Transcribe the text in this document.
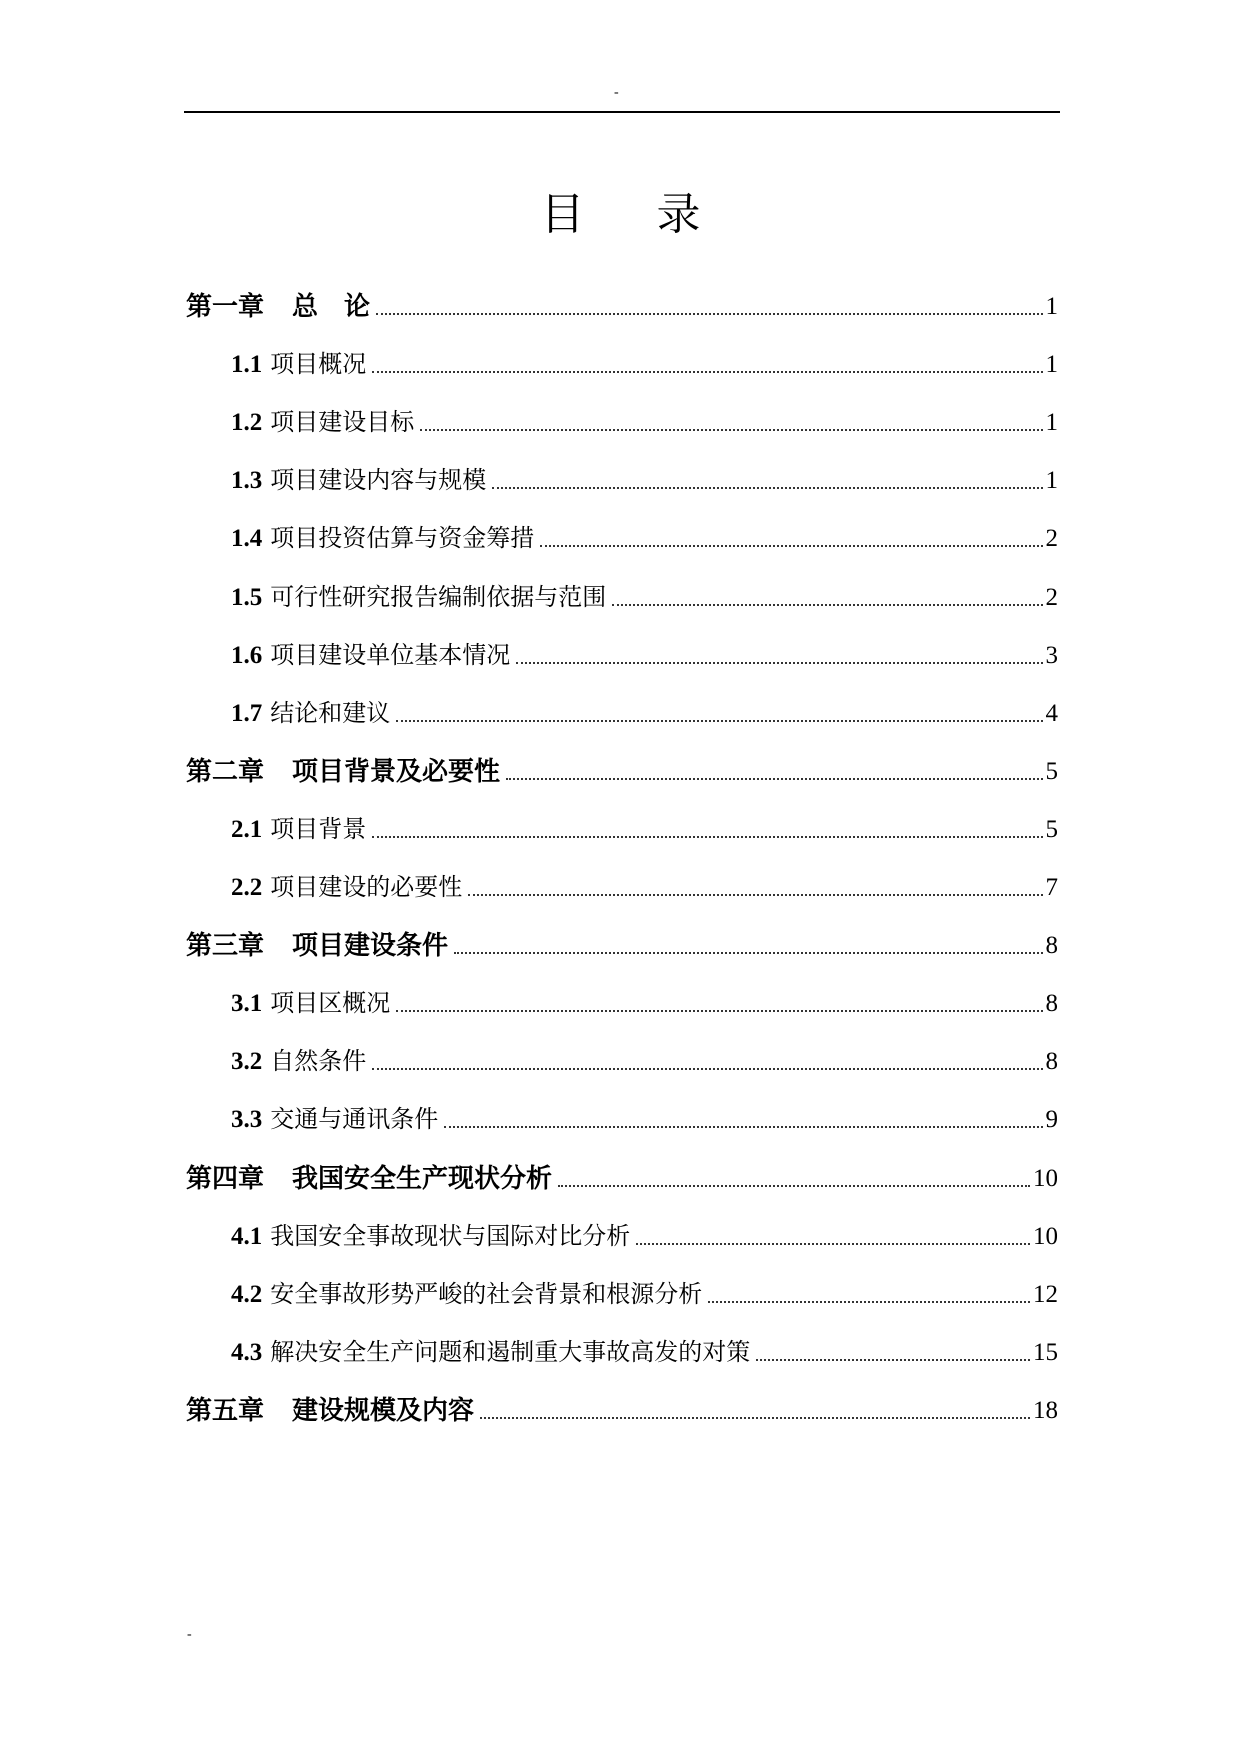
-
目录
第一章 总　论	1
1.1 项目概况	1
1.2 项目建设目标	1
1.3 项目建设内容与规模	1
1.4 项目投资估算与资金筹措	2
1.5 可行性研究报告编制依据与范围	2
1.6 项目建设单位基本情况	3
1.7 结论和建议	4
第二章 项目背景及必要性	5
2.1 项目背景	5
2.2 项目建设的必要性	7
第三章 项目建设条件	8
3.1 项目区概况	8
3.2 自然条件	8
3.3 交通与通讯条件	9
第四章 我国安全生产现状分析	10
4.1 我国安全事故现状与国际对比分析	10
4.2 安全事故形势严峻的社会背景和根源分析	12
4.3 解决安全生产问题和遏制重大事故高发的对策	15
第五章 建设规模及内容	18
-
